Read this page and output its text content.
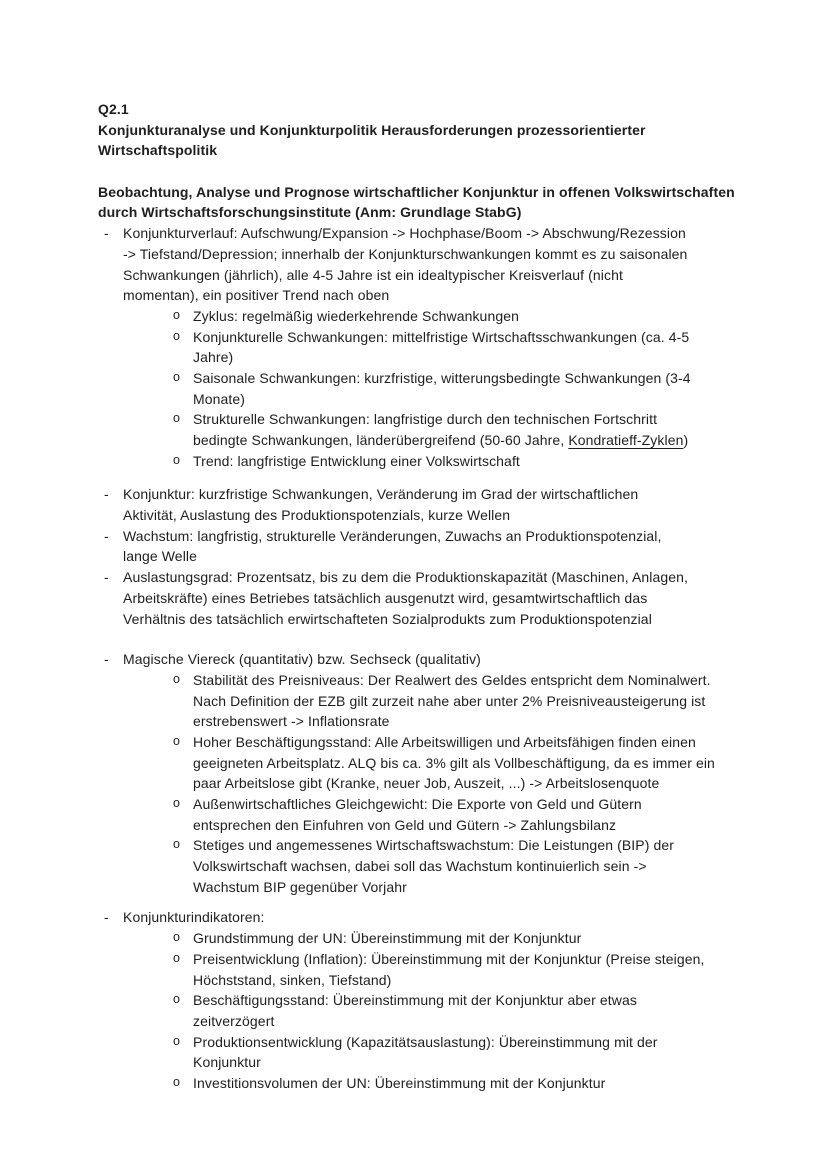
Q2.1
Konjunkturanalyse und Konjunkturpolitik Herausforderungen prozessorientierter
Wirtschaftspolitik
Beobachtung, Analyse und Prognose wirtschaftlicher Konjunktur in offenen Volkswirtschaften
durch Wirtschaftsforschungsinstitute (Anm: Grundlage StabG)
-	Konjunkturverlauf: Aufschwung/Expansion -> Hochphase/Boom -> Abschwung/Rezession
-> Tiefstand/Depression; innerhalb der Konjunkturschwankungen kommt es zu saisonalen
Schwankungen (jährlich), alle 4-5 Jahre ist ein idealtypischer Kreisverlauf (nicht
momentan), ein positiver Trend nach oben
o Zyklus: regelmäßig wiederkehrende Schwankungen
o Konjunkturelle Schwankungen: mittelfristige Wirtschaftsschwankungen (ca. 4-5
Jahre)
o Saisonale Schwankungen: kurzfristige, witterungsbedingte Schwankungen (3-4
Monate)
o Strukturelle Schwankungen: langfristige durch den technischen Fortschritt
bedingte Schwankungen, länderübergreifend (50-60 Jahre, Kondratieff-Zyklen)
o Trend: langfristige Entwicklung einer Volkswirtschaft
-	Konjunktur: kurzfristige Schwankungen, Veränderung im Grad der wirtschaftlichen
Aktivität, Auslastung des Produktionspotenzials, kurze Wellen
-	Wachstum: langfristig, strukturelle Veränderungen, Zuwachs an Produktionspotenzial,
lange Welle
-	Auslastungsgrad: Prozentsatz, bis zu dem die Produktionskapazität (Maschinen, Anlagen,
Arbeitskräfte) eines Betriebes tatsächlich ausgenutzt wird, gesamtwirtschaftlich das
Verhältnis des tatsächlich erwirtschafteten Sozialprodukts zum Produktionspotenzial
-	Magische Viereck (quantitativ) bzw. Sechseck (qualitativ)
o Stabilität des Preisniveaus: Der Realwert des Geldes entspricht dem Nominalwert.
Nach Definition der EZB gilt zurzeit nahe aber unter 2% Preisniveausteigerung ist
erstrebenswert -> Inflationsrate
o Hoher Beschäftigungsstand: Alle Arbeitswilligen und Arbeitsfähigen finden einen
geeigneten Arbeitsplatz. ALQ bis ca. 3% gilt als Vollbeschäftigung, da es immer ein
paar Arbeitslose gibt (Kranke, neuer Job, Auszeit, ...) -> Arbeitslosenquote
o Außenwirtschaftliches Gleichgewicht: Die Exporte von Geld und Gütern
entsprechen den Einfuhren von Geld und Gütern -> Zahlungsbilanz
o Stetiges und angemessenes Wirtschaftswachstum: Die Leistungen (BIP) der
Volkswirtschaft wachsen, dabei soll das Wachstum kontinuierlich sein ->
Wachstum BIP gegenüber Vorjahr
-	Konjunkturindikatoren:
o Grundstimmung der UN: Übereinstimmung mit der Konjunktur
o Preisentwicklung (Inflation): Übereinstimmung mit der Konjunktur (Preise steigen,
Höchststand, sinken, Tiefstand)
o Beschäftigungsstand: Übereinstimmung mit der Konjunktur aber etwas
zeitverzögert
o Produktionsentwicklung (Kapazitätsauslastung): Übereinstimmung mit der
Konjunktur
o Investitionsvolumen der UN: Übereinstimmung mit der Konjunktur
